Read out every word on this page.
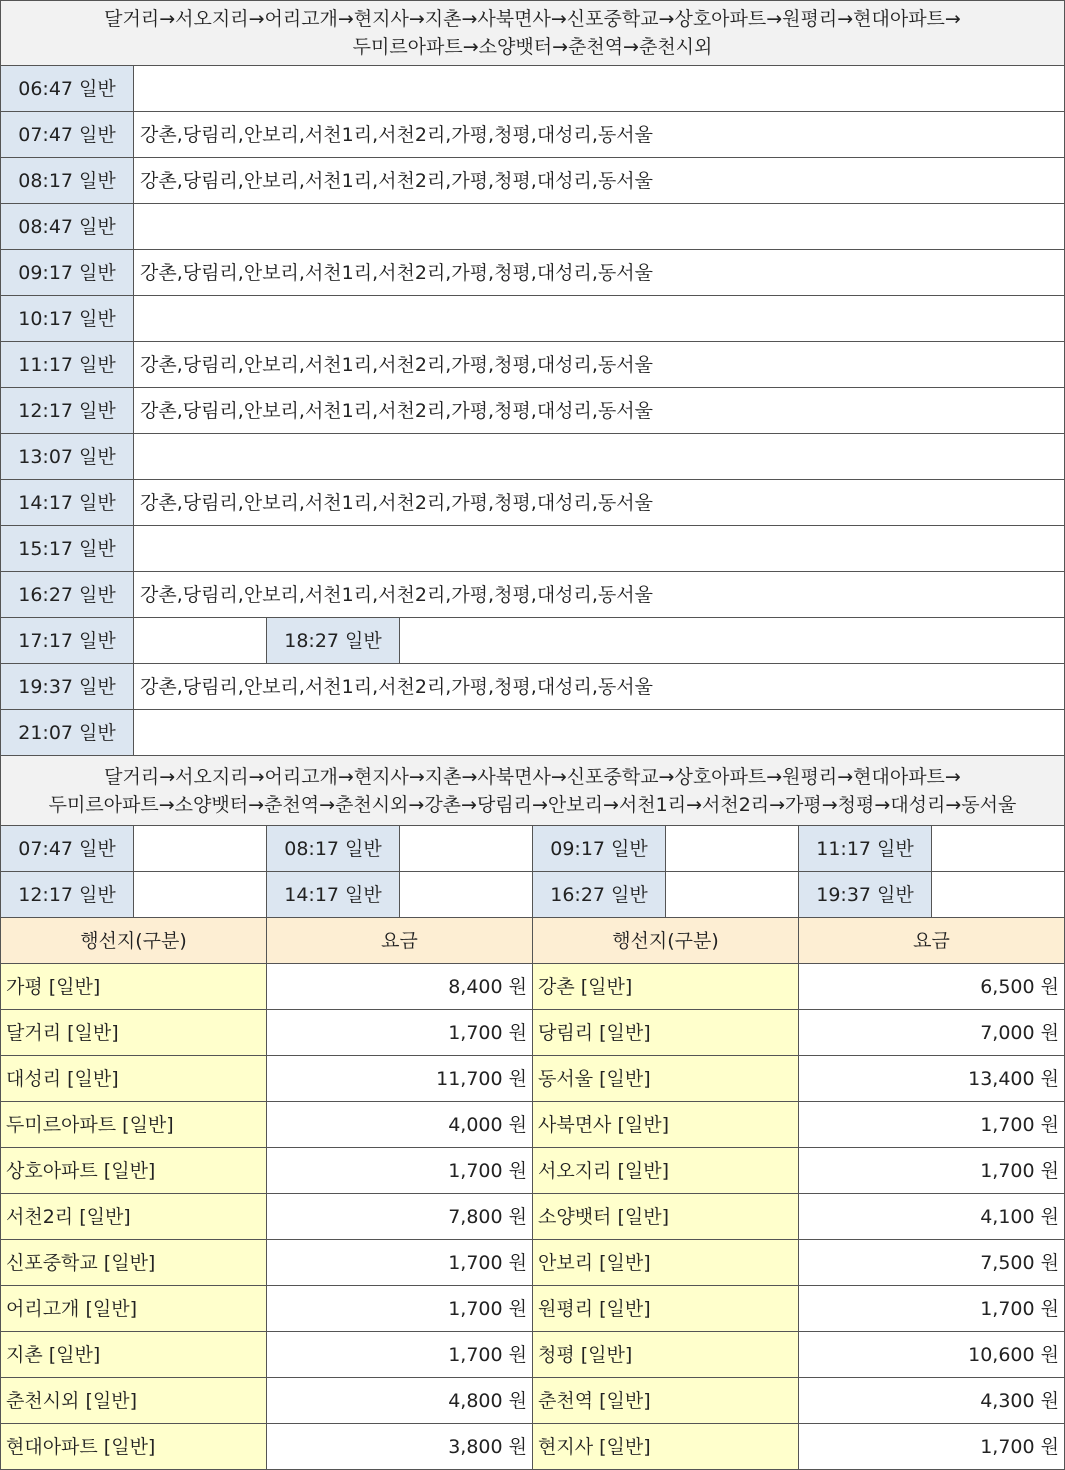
달거리→서오지리→어리고개→현지사→지촌→사북면사→신포중학교→상호아파트→원평리→현대아파트→
두미르아파트→소양뱃터→춘천역→춘천시외
06:47 일반
07:47 일반	강촌,당림리,안보리,서천1리,서천2리,가평,청평,대성리,동서울
08:17 일반	강촌,당림리,안보리,서천1리,서천2리,가평,청평,대성리,동서울
08:47 일반
09:17 일반	강촌,당림리,안보리,서천1리,서천2리,가평,청평,대성리,동서울
10:17 일반
11:17 일반	강촌,당림리,안보리,서천1리,서천2리,가평,청평,대성리,동서울
12:17 일반	강촌,당림리,안보리,서천1리,서천2리,가평,청평,대성리,동서울
13:07 일반
14:17 일반	강촌,당림리,안보리,서천1리,서천2리,가평,청평,대성리,동서울
15:17 일반
16:27 일반	강촌,당림리,안보리,서천1리,서천2리,가평,청평,대성리,동서울
17:17 일반	18:27 일반
19:37 일반	강촌,당림리,안보리,서천1리,서천2리,가평,청평,대성리,동서울
21:07 일반
달거리→서오지리→어리고개→현지사→지촌→사북면사→신포중학교→상호아파트→원평리→현대아파트→
두미르아파트→소양뱃터→춘천역→춘천시외→강촌→당림리→안보리→서천1리→서천2리→가평→청평→대성리→동서울
07:47 일반	08:17 일반	09:17 일반	11:17 일반
12:17 일반	14:17 일반	16:27 일반	19:37 일반
행선지(구분)	요금	행선지(구분)	요금
가평 [일반]	8,400 원 강촌 [일반]	6,500 원
달거리 [일반]	1,700 원 당림리 [일반]	7,000 원
대성리 [일반]	11,700 원 동서울 [일반]	13,400 원
두미르아파트 [일반]	4,000 원 사북면사 [일반]	1,700 원
상호아파트 [일반]	1,700 원 서오지리 [일반]	1,700 원
서천2리 [일반]	7,800 원 소양뱃터 [일반]	4,100 원
신포중학교 [일반]	1,700 원 안보리 [일반]	7,500 원
어리고개 [일반]	1,700 원 원평리 [일반]	1,700 원
지촌 [일반]	1,700 원 청평 [일반]	10,600 원
춘천시외 [일반]	4,800 원 춘천역 [일반]	4,300 원
현대아파트 [일반]	3,800 원 현지사 [일반]	1,700 원
